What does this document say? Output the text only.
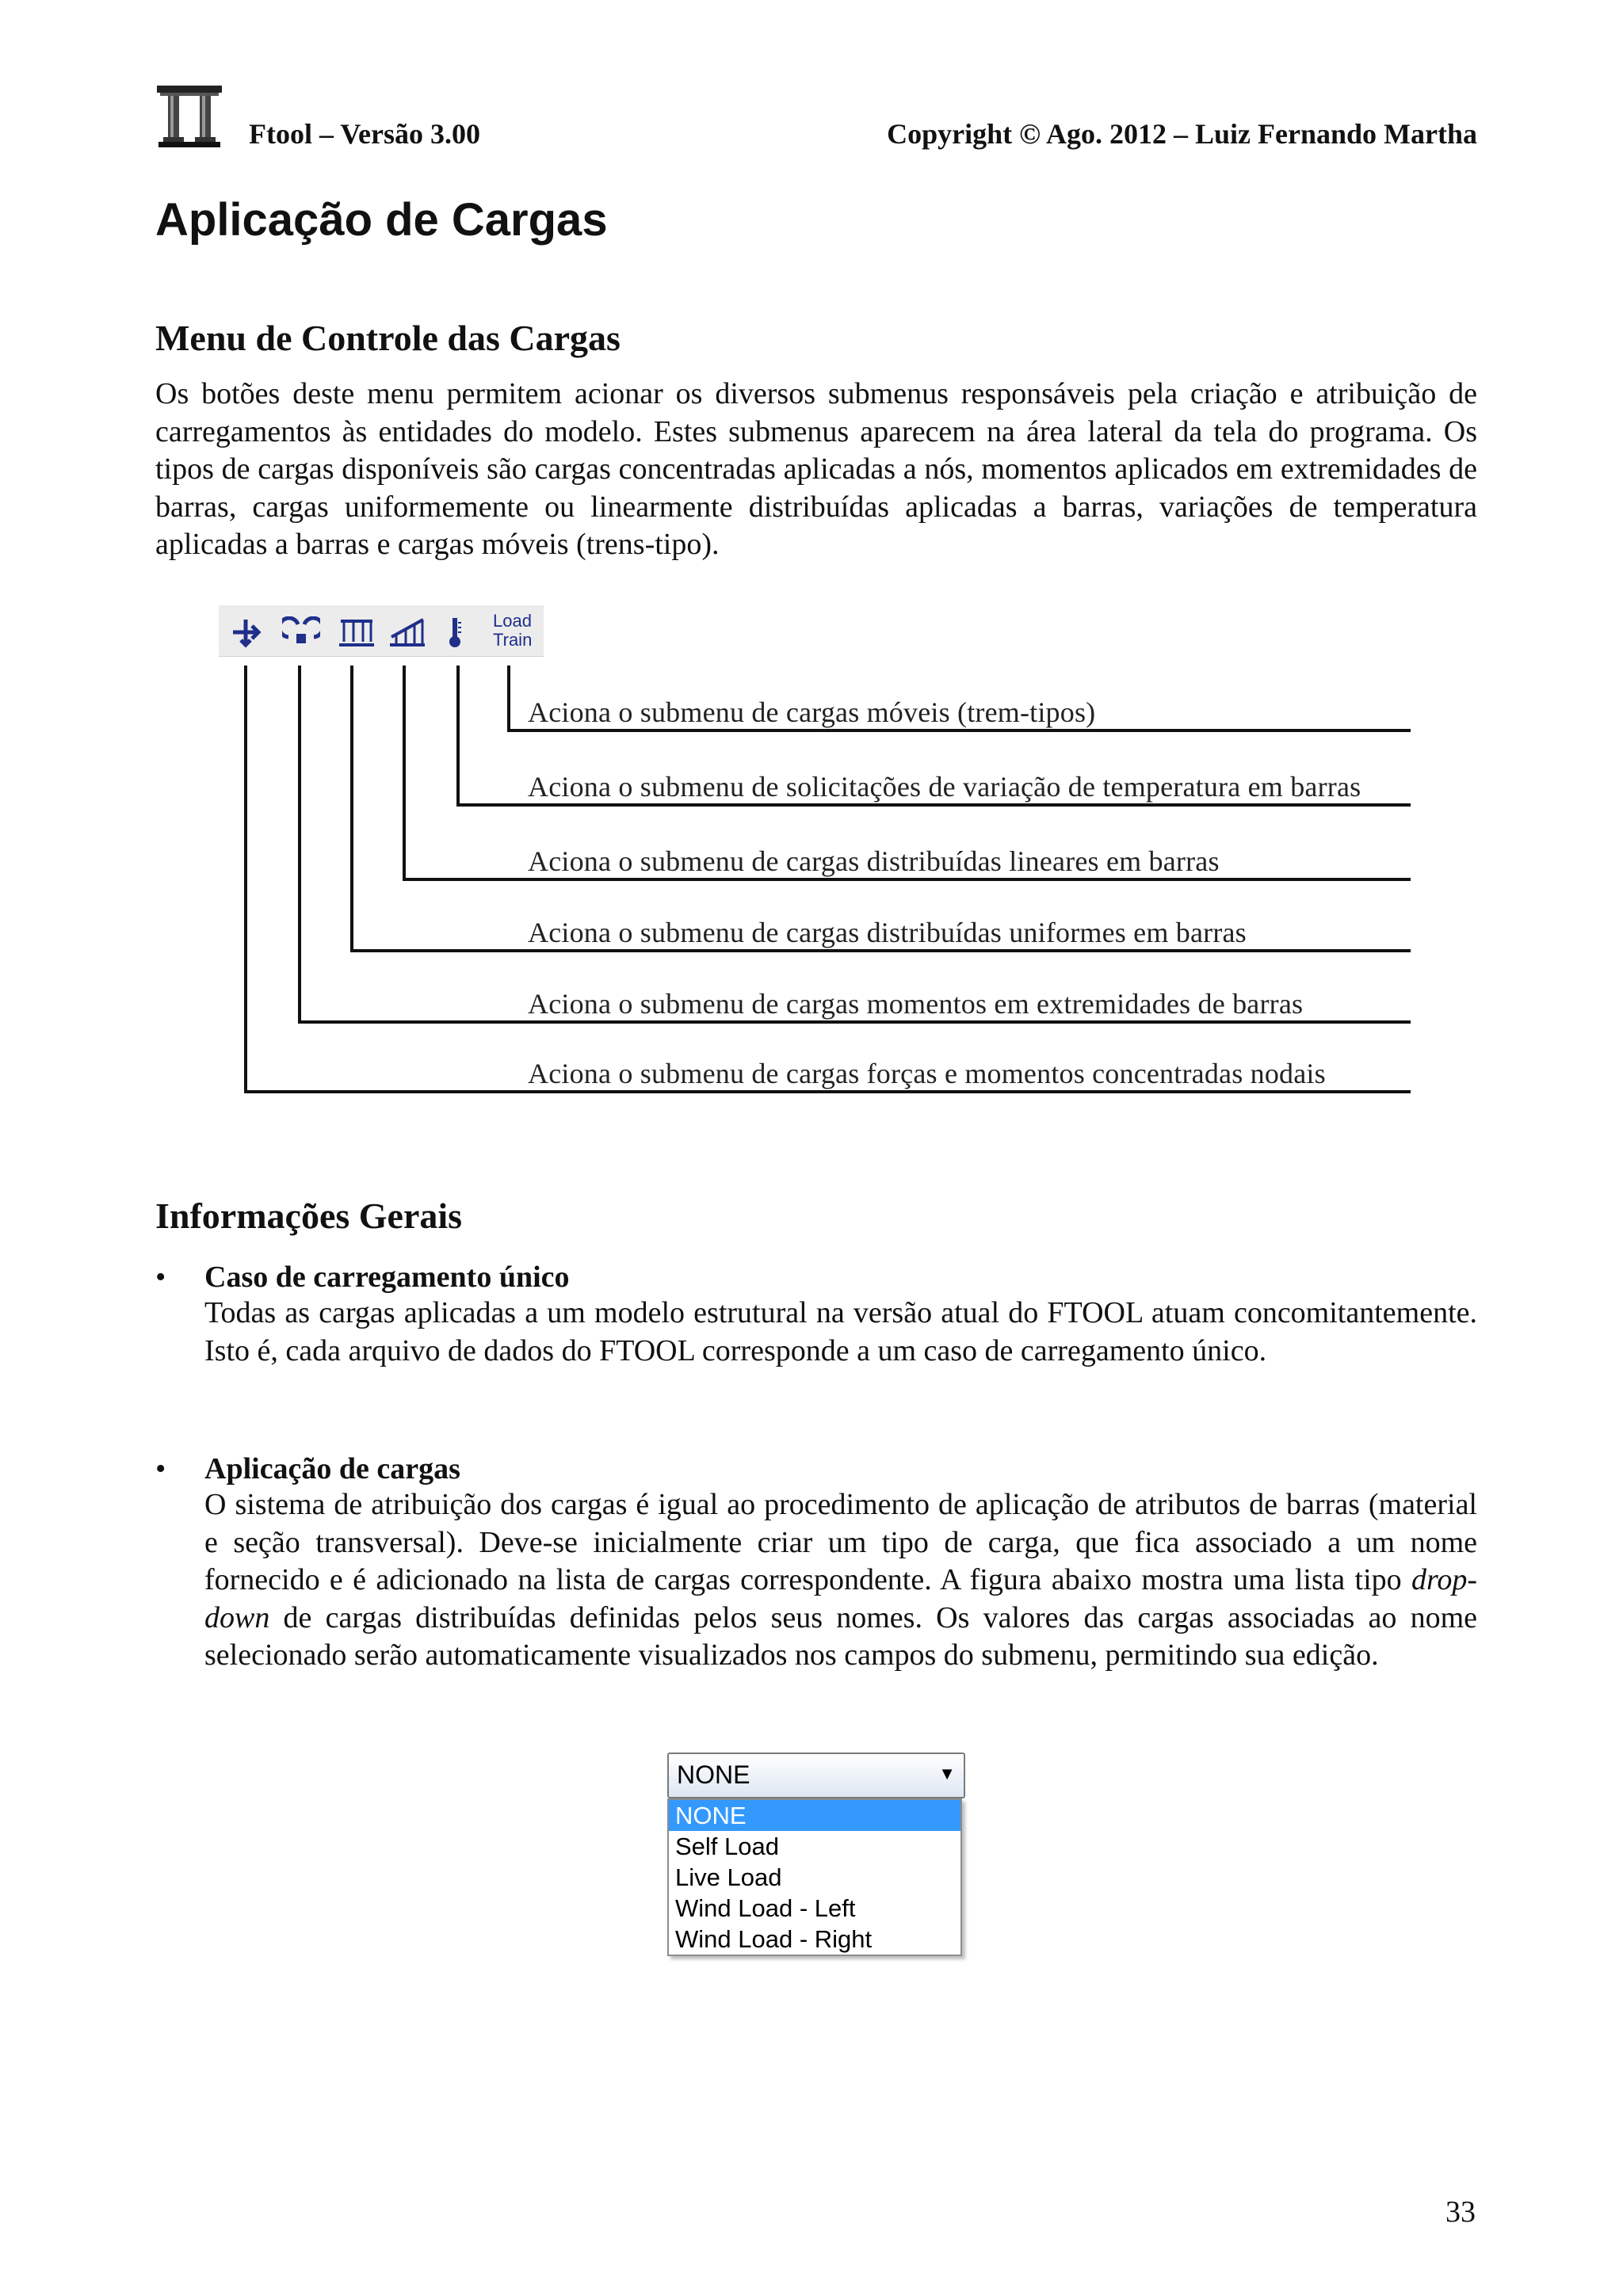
Ftool – Versão 3.00	Copyright © Ago. 2012 – Luiz Fernando Martha
Aplicação de Cargas
Menu de Controle das Cargas

Os botões deste menu permitem acionar os diversos submenus responsáveis pela criação e atribuição de carregamentos às entidades do modelo. Estes submenus aparecem na área lateral da tela do programa. Os tipos de cargas disponíveis são cargas concentradas aplicadas a nós, momentos aplicados em extremidades de barras, cargas uniformemente ou linearmente distribuídas aplicadas a barras, variações de temperatura aplicadas a barras e cargas móveis (trens-tipo).

Load
Train
Aciona o submenu de cargas móveis (trem-tipos)
Aciona o submenu de solicitações de variação de temperatura em barras
Aciona o submenu de cargas distribuídas lineares em barras
Aciona o submenu de cargas distribuídas uniformes em barras
Aciona o submenu de cargas momentos em extremidades de barras
Aciona o submenu de cargas forças e momentos concentradas nodais
Informações Gerais
• Caso de carregamento único

Todas as cargas aplicadas a um modelo estrutural na versão atual do FTOOL atuam concomitantemente. Isto é, cada arquivo de dados do FTOOL corresponde a um caso de carregamento único.

• Aplicação de cargas

O sistema de atribuição dos cargas é igual ao procedimento de aplicação de atributos de barras (material e seção transversal). Deve-se inicialmente criar um tipo de carga, que fica associado a um nome fornecido e é adicionado na lista de cargas correspondente. A figura abaixo mostra uma lista tipo drop-down de cargas distribuídas definidas pelos seus nomes. Os valores das cargas associadas ao nome selecionado serão automaticamente visualizados nos campos do submenu, permitindo sua edição.

NONE	▼
NONE
Self Load
Live Load
Wind Load - Left
Wind Load - Right
33
